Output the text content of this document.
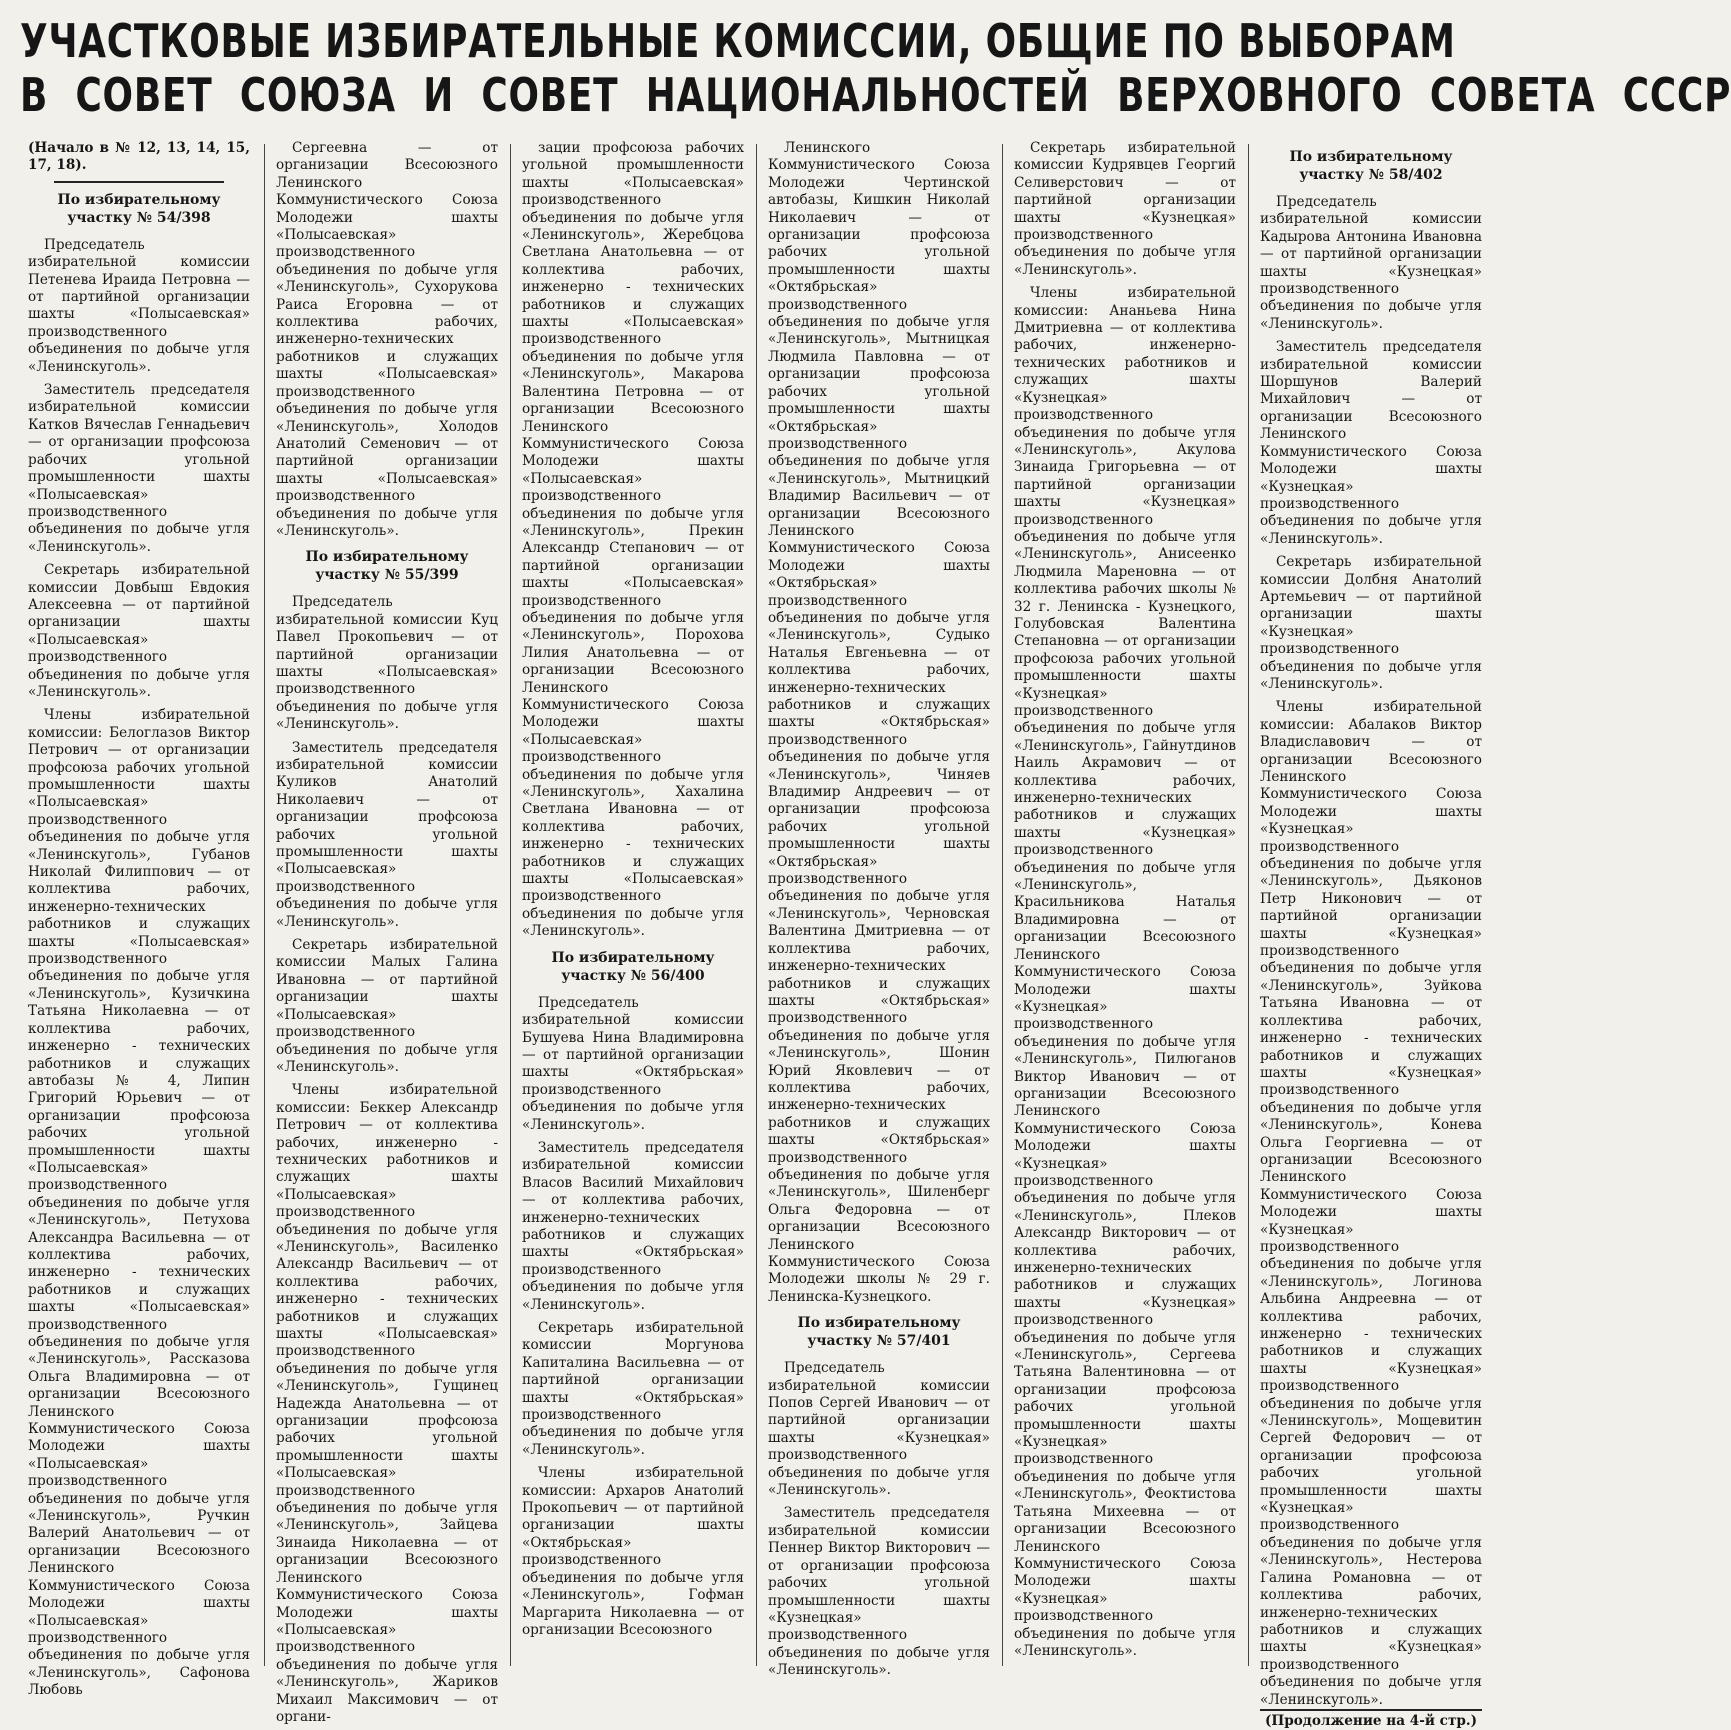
УЧАСТКОВЫЕ ИЗБИРАТЕЛЬНЫЕ КОМИССИИ, ОБЩИЕ ПО ВЫБОРАМ
В СОВЕТ СОЮЗА И СОВЕТ НАЦИОНАЛЬНОСТЕЙ ВЕРХОВНОГО СОВЕТА СССР

(Начало в № 12, 13, 14, 15, 17, 18).

По избирательному участку № 54/398

Председатель избирательной комиссии Петенева Ираида Петровна — от партийной организации шахты «Полысаевская» производственного объединения по добыче угля «Ленинскуголь».

Заместитель председателя избирательной комиссии Катков Вячеслав Геннадьевич — от организации профсоюза рабочих угольной промышленности шахты «Полысаевская» производственного объединения по добыче угля «Ленинскуголь».

Секретарь избирательной комиссии Довбыш Евдокия Алексеевна — от партийной организации шахты «Полысаевская» производственного объединения по добыче угля «Ленинскуголь».

Члены избирательной комиссии: Белоглазов Виктор Петрович — от организации профсоюза рабочих угольной промышленности шахты «Полысаевская» производственного объединения по добыче угля «Ленинскуголь», Губанов Николай Филиппович — от коллектива рабочих, инженерно-технических работников и служащих шахты «Полысаевская» производственного объединения по добыче угля «Ленинскуголь», Кузичкина Татьяна Николаевна — от коллектива рабочих, инженерно - технических работников и служащих автобазы № 4, Липин Григорий Юрьевич — от организации профсоюза рабочих угольной промышленности шахты «Полысаевская» производственного объединения по добыче угля «Ленинскуголь», Петухова Александра Васильевна — от коллектива рабочих, инженерно - технических работников и служащих шахты «Полысаевская» производственного объединения по добыче угля «Ленинскуголь», Рассказова Ольга Владимировна — от организации Всесоюзного Ленинского Коммунистического Союза Молодежи шахты «Полысаевская» производственного объединения по добыче угля «Ленинскуголь», Ручкин Валерий Анатольевич — от организации Всесоюзного Ленинского Коммунистического Союза Молодежи шахты «Полысаевская» производственного объединения по добыче угля «Ленинскуголь», Сафонова Любовь

Сергеевна — от организации Всесоюзного Ленинского Коммунистического Союза Молодежи шахты «Полысаевская» производственного объединения по добыче угля «Ленинскуголь», Сухорукова Раиса Егоровна — от коллектива рабочих, инженерно-технических работников и служащих шахты «Полысаевская» производственного объединения по добыче угля «Ленинскуголь», Холодов Анатолий Семенович — от партийной организации шахты «Полысаевская» производственного объединения по добыче угля «Ленинскуголь».

По избирательному участку № 55/399

Председатель избирательной комиссии Куц Павел Прокопьевич — от партийной организации шахты «Полысаевская» производственного объединения по добыче угля «Ленинскуголь».

Заместитель председателя избирательной комиссии Куликов Анатолий Николаевич — от организации профсоюза рабочих угольной промышленности шахты «Полысаевская» производственного объединения по добыче угля «Ленинскуголь».

Секретарь избирательной комиссии Малых Галина Ивановна — от партийной организации шахты «Полысаевская» производственного объединения по добыче угля «Ленинскуголь».

Члены избирательной комиссии: Беккер Александр Петрович — от коллектива рабочих, инженерно - технических работников и служащих шахты «Полысаевская» производственного объединения по добыче угля «Ленинскуголь», Василенко Александр Васильевич — от коллектива рабочих, инженерно - технических работников и служащих шахты «Полысаевская» производственного объединения по добыче угля «Ленинскуголь», Гущинец Надежда Анатольевна — от организации профсоюза рабочих угольной промышленности шахты «Полысаевская» производственного объединения по добыче угля «Ленинскуголь», Зайцева Зинаида Николаевна — от организации Всесоюзного Ленинского Коммунистического Союза Молодежи шахты «Полысаевская» производственного объединения по добыче угля «Ленинскуголь», Жариков Михаил Максимович — от органи-

зации профсоюза рабочих угольной промышленности шахты «Полысаевская» производственного объединения по добыче угля «Ленинскуголь», Жеребцова Светлана Анатольевна — от коллектива рабочих, инженерно - технических работников и служащих шахты «Полысаевская» производственного объединения по добыче угля «Ленинскуголь», Макарова Валентина Петровна — от организации Всесоюзного Ленинского Коммунистического Союза Молодежи шахты «Полысаевская» производственного объединения по добыче угля «Ленинскуголь», Прекин Александр Степанович — от партийной организации шахты «Полысаевская» производственного объединения по добыче угля «Ленинскуголь», Порохова Лилия Анатольевна — от организации Всесоюзного Ленинского Коммунистического Союза Молодежи шахты «Полысаевская» производственного объединения по добыче угля «Ленинскуголь», Хахалина Светлана Ивановна — от коллектива рабочих, инженерно - технических работников и служащих шахты «Полысаевская» производственного объединения по добыче угля «Ленинскуголь».

По избирательному участку № 56/400

Председатель избирательной комиссии Бушуева Нина Владимировна — от партийной организации шахты «Октябрьская» производственного объединения по добыче угля «Ленинскуголь».

Заместитель председателя избирательной комиссии Власов Василий Михайлович — от коллектива рабочих, инженерно-технических работников и служащих шахты «Октябрьская» производственного объединения по добыче угля «Ленинскуголь».

Секретарь избирательной комиссии Моргунова Капиталина Васильевна — от партийной организации шахты «Октябрьская» производственного объединения по добыче угля «Ленинскуголь».

Члены избирательной комиссии: Архаров Анатолий Прокопьевич — от партийной организации шахты «Октябрьская» производственного объединения по добыче угля «Ленинскуголь», Гофман Маргарита Николаевна — от организации Всесоюзного

Ленинского Коммунистического Союза Молодежи Чертинской автобазы, Кишкин Николай Николаевич — от организации профсоюза рабочих угольной промышленности шахты «Октябрьская» производственного объединения по добыче угля «Ленинскуголь», Мытницкая Людмила Павловна — от организации профсоюза рабочих угольной промышленности шахты «Октябрьская» производственного объединения по добыче угля «Ленинскуголь», Мытницкий Владимир Васильевич — от организации Всесоюзного Ленинского Коммунистического Союза Молодежи шахты «Октябрьская» производственного объединения по добыче угля «Ленинскуголь», Судыко Наталья Евгеньевна — от коллектива рабочих, инженерно-технических работников и служащих шахты «Октябрьская» производственного объединения по добыче угля «Ленинскуголь», Чиняев Владимир Андреевич — от организации профсоюза рабочих угольной промышленности шахты «Октябрьская» производственного объединения по добыче угля «Ленинскуголь», Черновская Валентина Дмитриевна — от коллектива рабочих, инженерно-технических работников и служащих шахты «Октябрьская» производственного объединения по добыче угля «Ленинскуголь», Шонин Юрий Яковлевич — от коллектива рабочих, инженерно-технических работников и служащих шахты «Октябрьская» производственного объединения по добыче угля «Ленинскуголь», Шиленберг Ольга Федоровна — от организации Всесоюзного Ленинского Коммунистического Союза Молодежи школы № 29 г. Ленинска-Кузнецкого.

По избирательному участку № 57/401

Председатель избирательной комиссии Попов Сергей Иванович — от партийной организации шахты «Кузнецкая» производственного объединения по добыче угля «Ленинскуголь».

Заместитель председателя избирательной комиссии Пеннер Виктор Викторович — от организации профсоюза рабочих угольной промышленности шахты «Кузнецкая» производственного объединения по добыче угля «Ленинскуголь».

Секретарь избирательной комиссии Кудрявцев Георгий Селиверстович — от партийной организации шахты «Кузнецкая» производственного объединения по добыче угля «Ленинскуголь».

Члены избирательной комиссии: Ананьева Нина Дмитриевна — от коллектива рабочих, инженерно-технических работников и служащих шахты «Кузнецкая» производственного объединения по добыче угля «Ленинскуголь», Акулова Зинаида Григорьевна — от партийной организации шахты «Кузнецкая» производственного объединения по добыче угля «Ленинскуголь», Анисеенко Людмила Мареновна — от коллектива рабочих школы № 32 г. Ленинска - Кузнецкого, Голубовская Валентина Степановна — от организации профсоюза рабочих угольной промышленности шахты «Кузнецкая» производственного объединения по добыче угля «Ленинскуголь», Гайнутдинов Наиль Акрамович — от коллектива рабочих, инженерно-технических работников и служащих шахты «Кузнецкая» производственного объединения по добыче угля «Ленинскуголь», Красильникова Наталья Владимировна — от организации Всесоюзного Ленинского Коммунистического Союза Молодежи шахты «Кузнецкая» производственного объединения по добыче угля «Ленинскуголь», Пилюганов Виктор Иванович — от организации Всесоюзного Ленинского Коммунистического Союза Молодежи шахты «Кузнецкая» производственного объединения по добыче угля «Ленинскуголь», Плеков Александр Викторович — от коллектива рабочих, инженерно-технических работников и служащих шахты «Кузнецкая» производственного объединения по добыче угля «Ленинскуголь», Сергеева Татьяна Валентиновна — от организации профсоюза рабочих угольной промышленности шахты «Кузнецкая» производственного объединения по добыче угля «Ленинскуголь», Феоктистова Татьяна Михеевна — от организации Всесоюзного Ленинского Коммунистического Союза Молодежи шахты «Кузнецкая» производственного объединения по добыче угля «Ленинскуголь».

По избирательному участку № 58/402

Председатель избирательной комиссии Кадырова Антонина Ивановна — от партийной организации шахты «Кузнецкая» производственного объединения по добыче угля «Ленинскуголь».

Заместитель председателя избирательной комиссии Шоршунов Валерий Михайлович — от организации Всесоюзного Ленинского Коммунистического Союза Молодежи шахты «Кузнецкая» производственного объединения по добыче угля «Ленинскуголь».

Секретарь избирательной комиссии Долбня Анатолий Артемьевич — от партийной организации шахты «Кузнецкая» производственного объединения по добыче угля «Ленинскуголь».

Члены избирательной комиссии: Абалаков Виктор Владиславович — от организации Всесоюзного Ленинского Коммунистического Союза Молодежи шахты «Кузнецкая» производственного объединения по добыче угля «Ленинскуголь», Дьяконов Петр Никонович — от партийной организации шахты «Кузнецкая» производственного объединения по добыче угля «Ленинскуголь», Зуйкова Татьяна Ивановна — от коллектива рабочих, инженерно - технических работников и служащих шахты «Кузнецкая» производственного объединения по добыче угля «Ленинскуголь», Конева Ольга Георгиевна — от организации Всесоюзного Ленинского Коммунистического Союза Молодежи шахты «Кузнецкая» производственного объединения по добыче угля «Ленинскуголь», Логинова Альбина Андреевна — от коллектива рабочих, инженерно - технических работников и служащих шахты «Кузнецкая» производственного объединения по добыче угля «Ленинскуголь», Мощевитин Сергей Федорович — от организации профсоюза рабочих угольной промышленности шахты «Кузнецкая» производственного объединения по добыче угля «Ленинскуголь», Нестерова Галина Романовна — от коллектива рабочих, инженерно-технических работников и служащих шахты «Кузнецкая» производственного объединения по добыче угля «Ленинскуголь».

(Продолжение на 4-й стр.)
